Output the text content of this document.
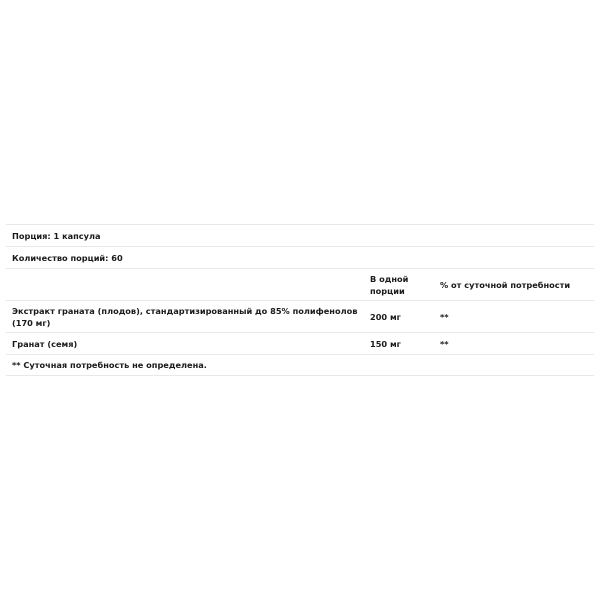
Порция: 1 капсула		
Количество порций: 60		
	В одной порции	% от суточной потребности
Экстракт граната (плодов), стандартизированный до 85% полифенолов (170 мг)	200 мг	**
Гранат (семя)	150 мг	**
** Суточная потребность не определена.		
